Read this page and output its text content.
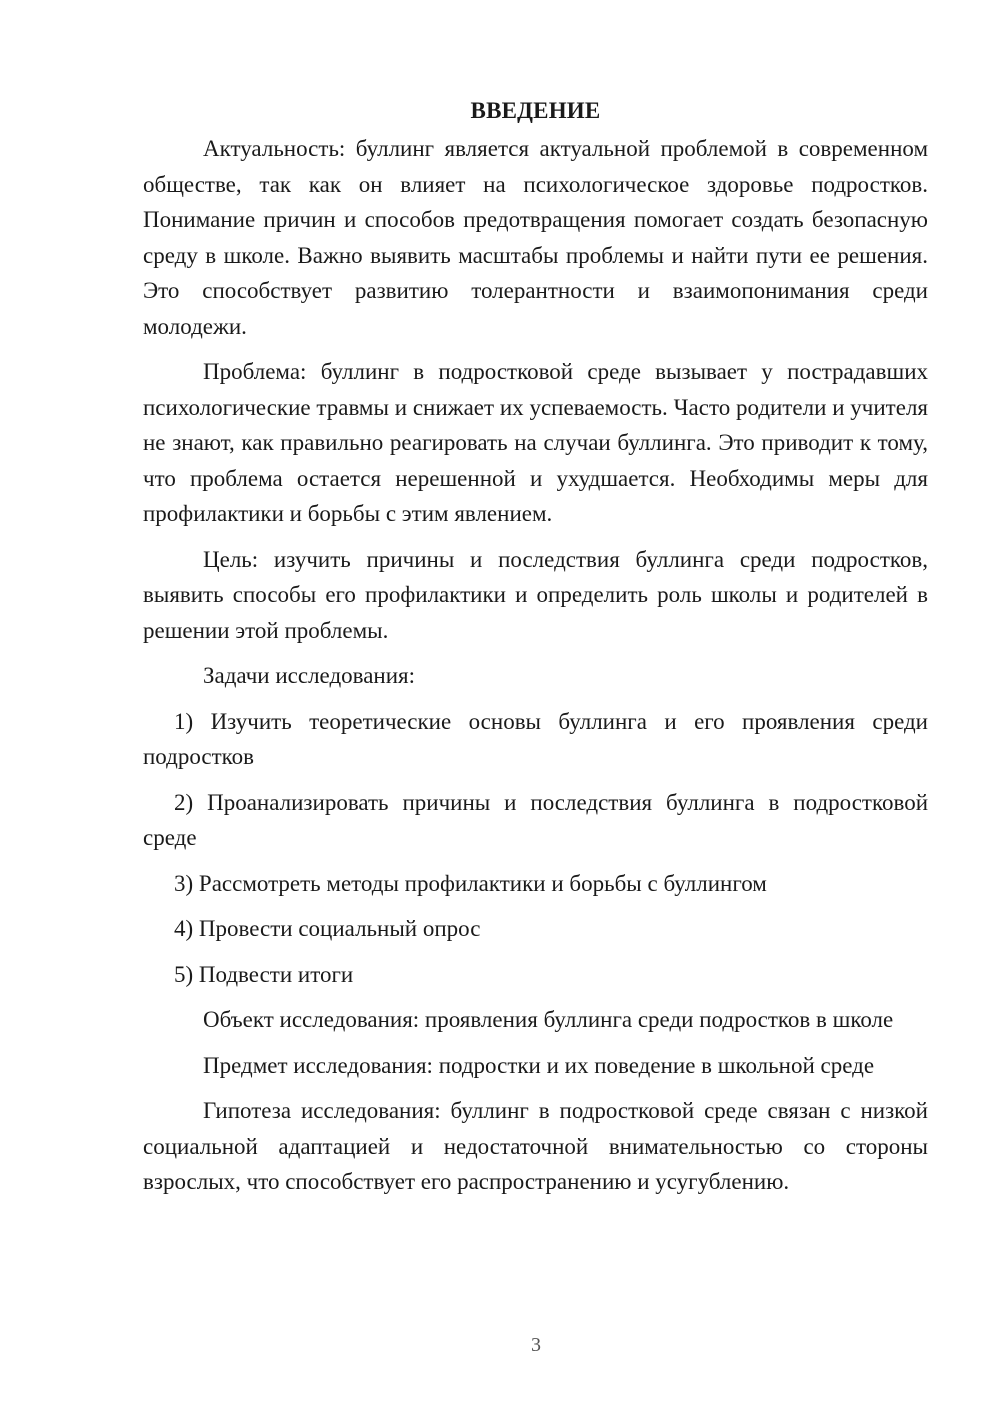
ВВЕДЕНИЕ

Актуальность: буллинг является актуальной проблемой в современном обществе, так как он влияет на психологическое здоровье подростков. Понимание причин и способов предотвращения помогает создать безопасную среду в школе. Важно выявить масштабы проблемы и найти пути ее решения. Это способствует развитию толерантности и взаимопонимания среди молодежи.

Проблема: буллинг в подростковой среде вызывает у пострадавших психологические травмы и снижает их успеваемость. Часто родители и учителя не знают, как правильно реагировать на случаи буллинга. Это приводит к тому, что проблема остается нерешенной и ухудшается. Необходимы меры для профилактики и борьбы с этим явлением.

Цель: изучить причины и последствия буллинга среди подростков, выявить способы его профилактики и определить роль школы и родителей в решении этой проблемы.

Задачи исследования:

1) Изучить теоретические основы буллинга и его проявления среди подростков

2) Проанализировать причины и последствия буллинга в подростковой среде

3) Рассмотреть методы профилактики и борьбы с буллингом

4) Провести социальный опрос

5) Подвести итоги

Объект исследования: проявления буллинга среди подростков в школе

Предмет исследования: подростки и их поведение в школьной среде

Гипотеза исследования: буллинг в подростковой среде связан с низкой социальной адаптацией и недостаточной внимательностью со стороны взрослых, что способствует его распространению и усугублению.

3
